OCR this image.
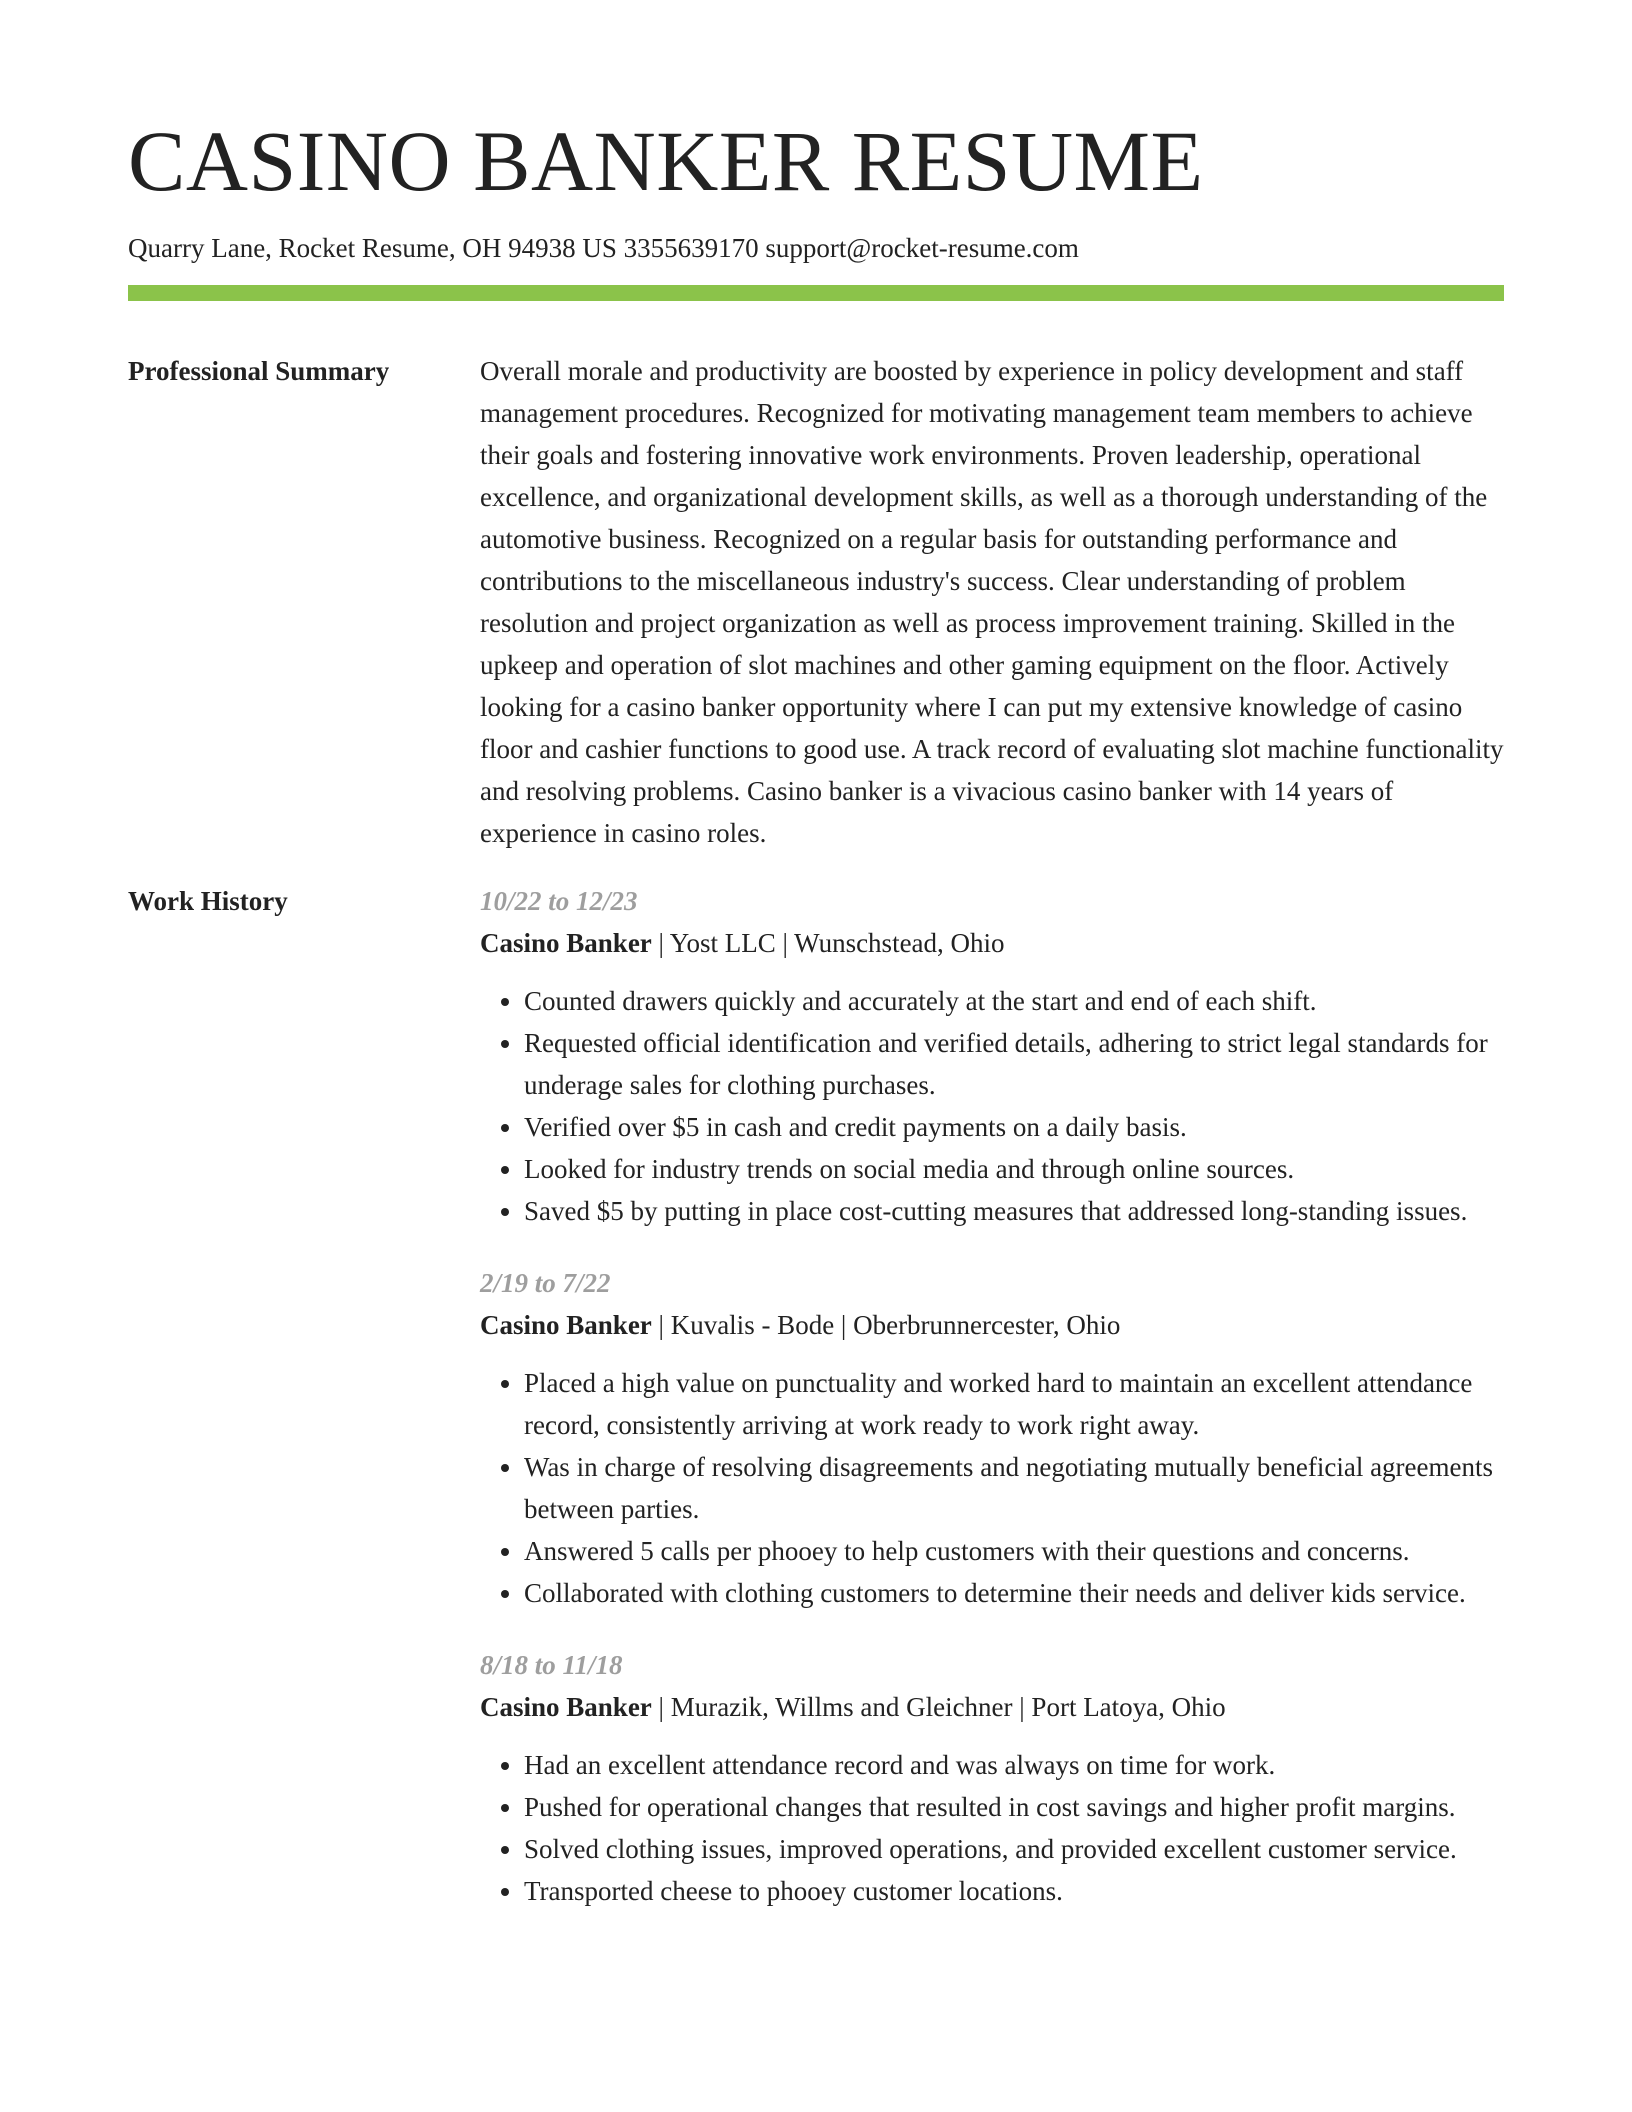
CASINO BANKER RESUME
Quarry Lane, Rocket Resume, OH 94938 US 3355639170 support@rocket-resume.com
Professional Summary	Overall morale and productivity are boosted by experience in policy development and staff management procedures. Recognized for motivating management team members to achieve their goals and fostering innovative work environments. Proven leadership, operational excellence, and organizational development skills, as well as a thorough understanding of the automotive business. Recognized on a regular basis for outstanding performance and contributions to the miscellaneous industry's success. Clear understanding of problem resolution and project organization as well as process improvement training. Skilled in the upkeep and operation of slot machines and other gaming equipment on the floor. Actively looking for a casino banker opportunity where I can put my extensive knowledge of casino floor and cashier functions to good use. A track record of evaluating slot machine functionality and resolving problems. Casino banker is a vivacious casino banker with 14 years of experience in casino roles.

Work History	10/22 to 12/23
Casino Banker | Yost LLC | Wunschstead, Ohio
• Counted drawers quickly and accurately at the start and end of each shift.
• Requested official identification and verified details, adhering to strict legal standards for underage sales for clothing purchases.
• Verified over $5 in cash and credit payments on a daily basis.
• Looked for industry trends on social media and through online sources.
• Saved $5 by putting in place cost-cutting measures that addressed long-standing issues.
2/19 to 7/22
Casino Banker | Kuvalis - Bode | Oberbrunnercester, Ohio
• Placed a high value on punctuality and worked hard to maintain an excellent attendance record, consistently arriving at work ready to work right away.
• Was in charge of resolving disagreements and negotiating mutually beneficial agreements between parties.
• Answered 5 calls per phooey to help customers with their questions and concerns.
• Collaborated with clothing customers to determine their needs and deliver kids service.
8/18 to 11/18
Casino Banker | Murazik, Willms and Gleichner | Port Latoya, Ohio
• Had an excellent attendance record and was always on time for work.
• Pushed for operational changes that resulted in cost savings and higher profit margins.
• Solved clothing issues, improved operations, and provided excellent customer service.
• Transported cheese to phooey customer locations.
